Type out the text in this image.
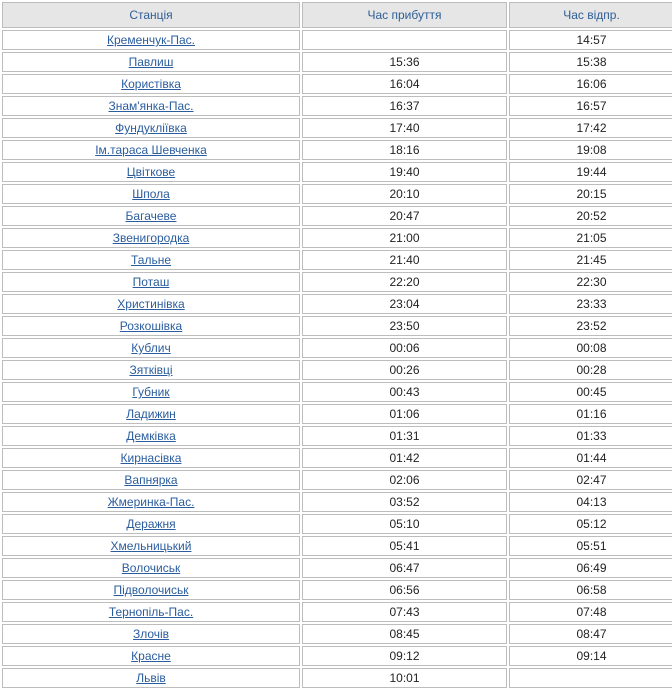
Станція	Час прибуття	Час відпр.
Кременчук-Пас.		14:57
Павлиш	15:36	15:38
Користівка	16:04	16:06
Знам'янка-Пас.	16:37	16:57
Фундукліївка	17:40	17:42
Ім.тараса Шевченка	18:16	19:08
Цвіткове	19:40	19:44
Шпола	20:10	20:15
Багачеве	20:47	20:52
Звенигородка	21:00	21:05
Тальне	21:40	21:45
Поташ	22:20	22:30
Христинівка	23:04	23:33
Розкошівка	23:50	23:52
Кублич	00:06	00:08
Зятківці	00:26	00:28
Губник	00:43	00:45
Ладижин	01:06	01:16
Демківка	01:31	01:33
Кирнасівка	01:42	01:44
Вапнярка	02:06	02:47
Жмеринка-Пас.	03:52	04:13
Деражня	05:10	05:12
Хмельницький	05:41	05:51
Волочиськ	06:47	06:49
Підволочиськ	06:56	06:58
Тернопіль-Пас.	07:43	07:48
Злочів	08:45	08:47
Красне	09:12	09:14
Львів	10:01	
